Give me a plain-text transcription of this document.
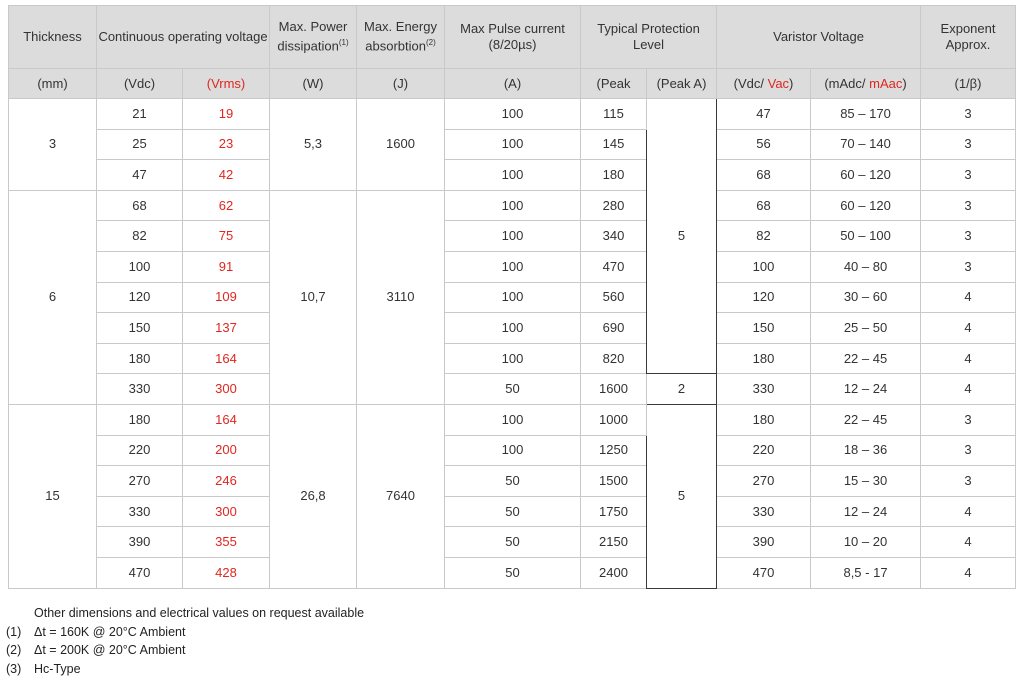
Thickness	Continuous operating voltage		Max. Power dissipation$^{(1)}$	Max. Energy absorbtion$^{(2)}$	Max Pulse current (8/20µs)	Typical Protection Level		Varistor Voltage		Exponent Approx.
(mm)	(Vdc)	(Vrms)	(W)	(J)	(A)	(Peak	(Peak A)	(Vdc/ Vac)	(mAdc/ mAac)	(1/β)
3	21	19	5,3	1600	100	115	5	47	85 – 170	3
	25	23			100	145		56	70 – 140	3
	47	42			100	180		68	60 – 120	3
6	68	62	10,7	3110	100	280		68	60 – 120	3
	82	75			100	340		82	50 – 100	3
	100	91			100	470		100	40 – 80	3
	120	109			100	560		120	30 – 60	4
	150	137			100	690		150	25 – 50	4
	180	164			100	820		180	22 – 45	4
	330	300			50	1600	2	330	12 – 24	4
15	180	164	26,8	7640	100	1000	5	180	22 – 45	3
	220	200			100	1250		220	18 – 36	3
	270	246			50	1500		270	15 – 30	3
	330	300			50	1750		330	12 – 24	4
	390	355			50	2150		390	10 – 20	4
	470	428			50	2400		470	8,5 - 17	4
Other dimensions and electrical values on request available
(1)	Δt = 160K @ 20°C Ambient
(2)	Δt = 200K @ 20°C Ambient
(3)	Hc-Type
